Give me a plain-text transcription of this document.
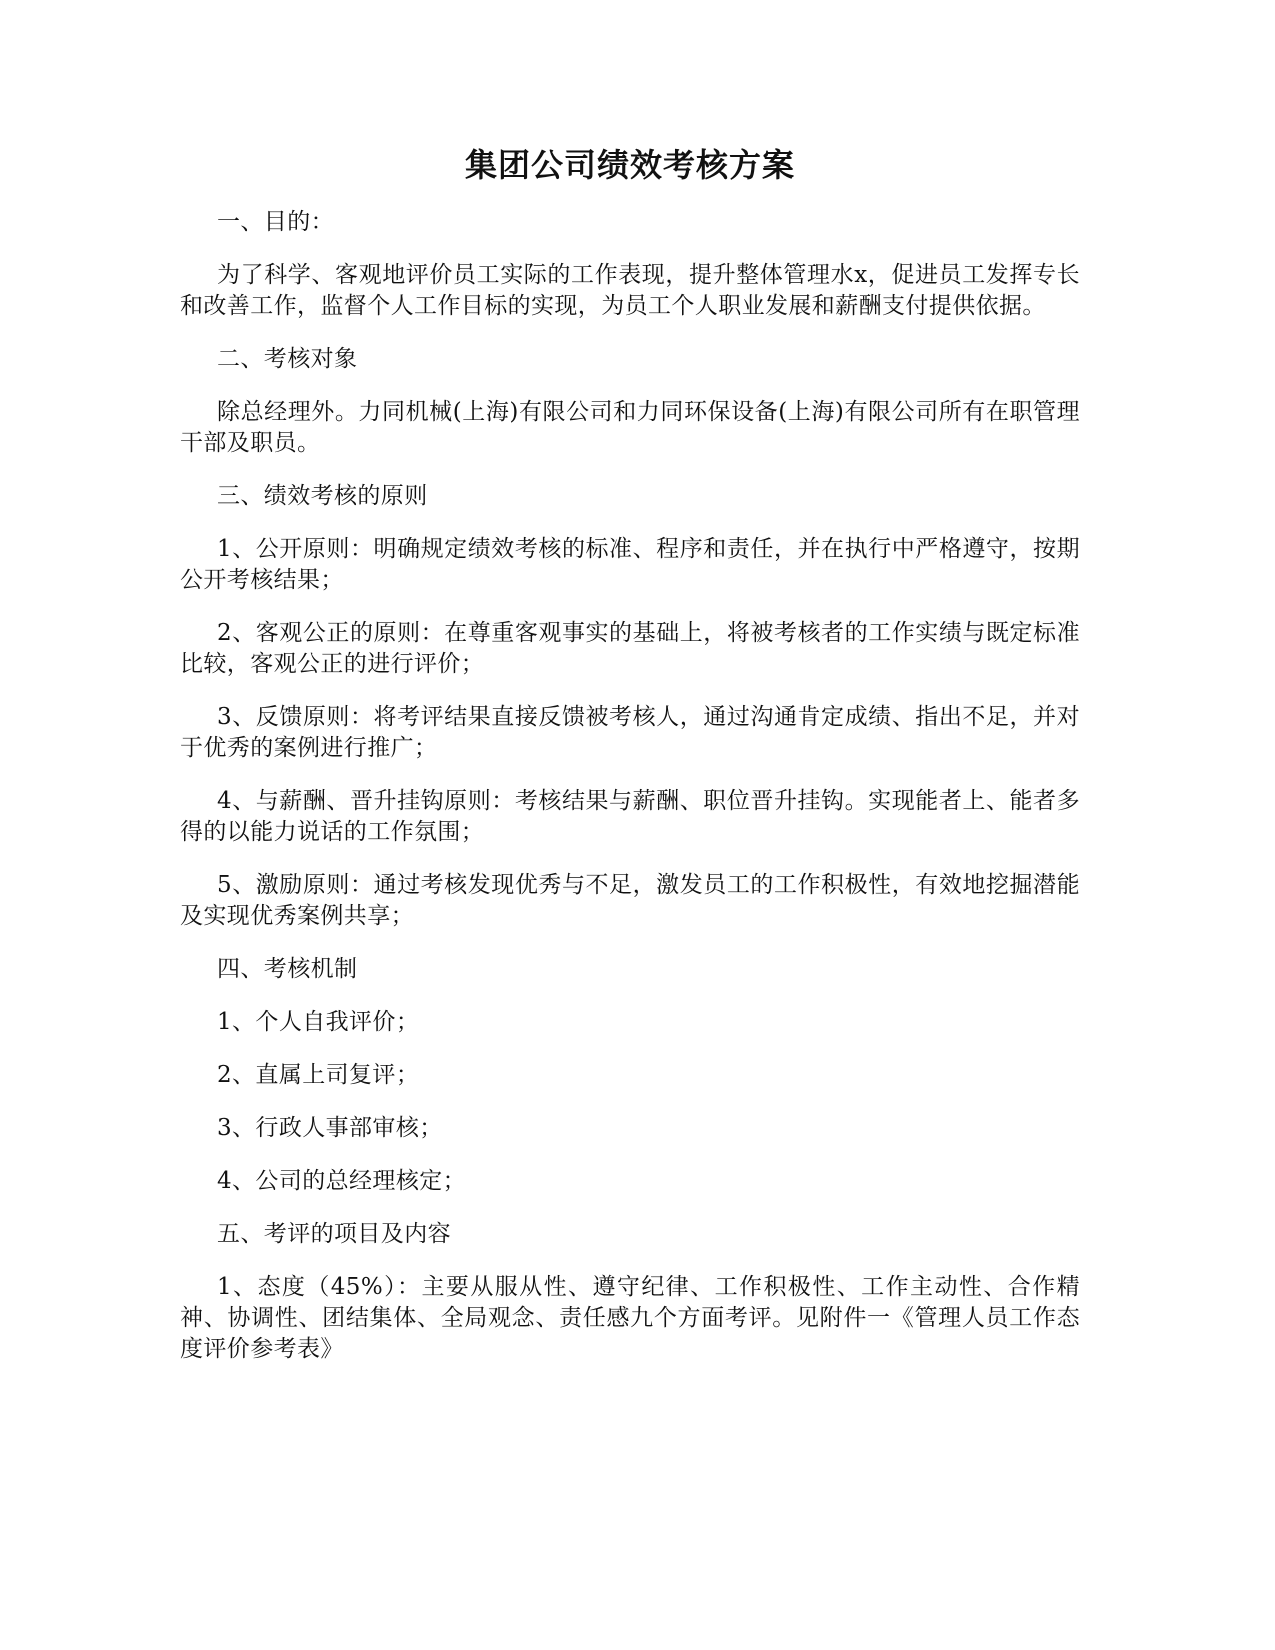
集团公司绩效考核方案

一、目的：

为了科学、客观地评价员工实际的工作表现，提升整体管理水x，促进员工发挥专长和改善工作，监督个人工作目标的实现，为员工个人职业发展和薪酬支付提供依据。

二、考核对象

除总经理外。力同机械(上海)有限公司和力同环保设备(上海)有限公司所有在职管理干部及职员。

三、绩效考核的原则

1、公开原则：明确规定绩效考核的标准、程序和责任，并在执行中严格遵守，按期公开考核结果；

2、客观公正的原则：在尊重客观事实的基础上，将被考核者的工作实绩与既定标准比较，客观公正的进行评价；

3、反馈原则：将考评结果直接反馈被考核人，通过沟通肯定成绩、指出不足，并对于优秀的案例进行推广；

4、与薪酬、晋升挂钩原则：考核结果与薪酬、职位晋升挂钩。实现能者上、能者多得的以能力说话的工作氛围；

5、激励原则：通过考核发现优秀与不足，激发员工的工作积极性，有效地挖掘潜能及实现优秀案例共享；

四、考核机制

1、个人自我评价；

2、直属上司复评；

3、行政人事部审核；

4、公司的总经理核定；

五、考评的项目及内容

1、态度（45%）：主要从服从性、遵守纪律、工作积极性、工作主动性、合作精神、协调性、团结集体、全局观念、责任感九个方面考评。见附件一《管理人员工作态度评价参考表》
